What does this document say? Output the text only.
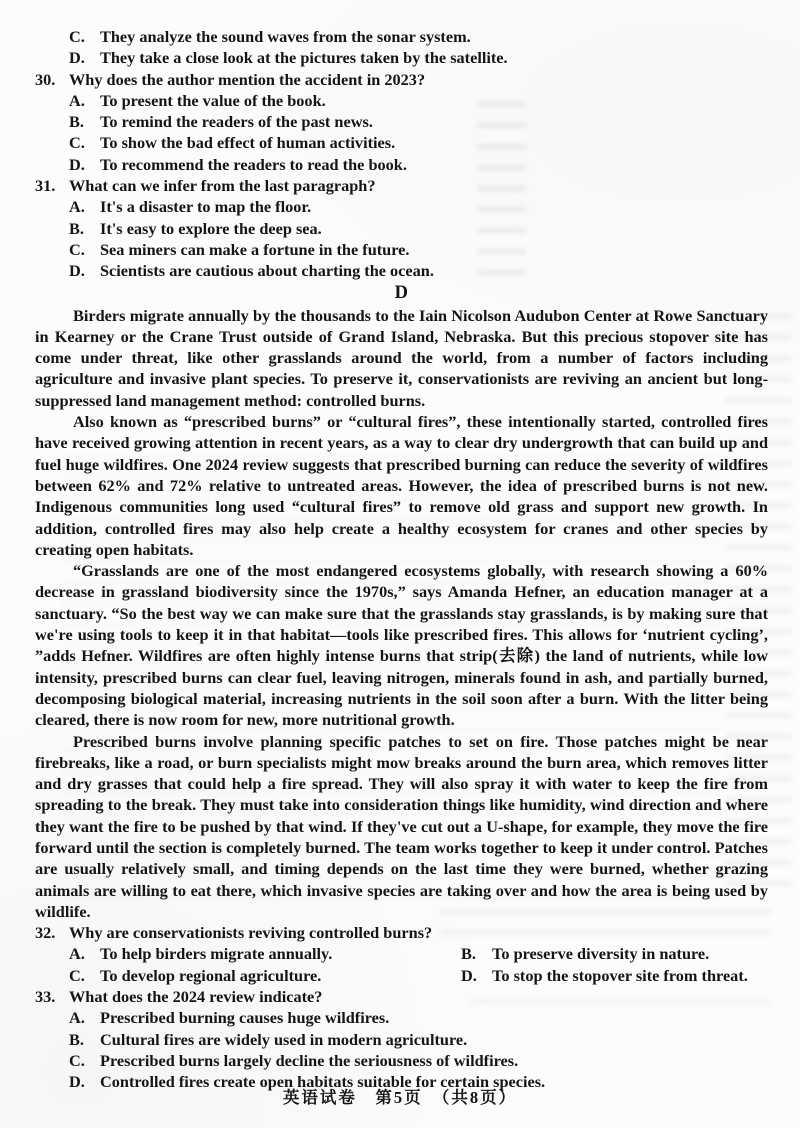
C. They analyze the sound waves from the sonar system.
D. They take a close look at the pictures taken by the satellite.
30. Why does the author mention the accident in 2023?
A. To present the value of the book.
B. To remind the readers of the past news.
C. To show the bad effect of human activities.
D. To recommend the readers to read the book.
31. What can we infer from the last paragraph?
A. It's a disaster to map the floor.
B. It's easy to explore the deep sea.
C. Sea miners can make a fortune in the future.
D. Scientists are cautious about charting the ocean.
D

Birders migrate annually by the thousands to the Iain Nicolson Audubon Center at Rowe Sanctuary in Kearney or the Crane Trust outside of Grand Island, Nebraska. But this precious stopover site has come under threat, like other grasslands around the world, from a number of factors including agriculture and invasive plant species. To preserve it, conservationists are reviving an ancient but long-suppressed land management method: controlled burns.

Also known as “prescribed burns” or “cultural fires”, these intentionally started, controlled fires have received growing attention in recent years, as a way to clear dry undergrowth that can build up and fuel huge wildfires. One 2024 review suggests that prescribed burning can reduce the severity of wildfires between 62% and 72% relative to untreated areas. However, the idea of prescribed burns is not new. Indigenous communities long used “cultural fires” to remove old grass and support new growth. In addition, controlled fires may also help create a healthy ecosystem for cranes and other species by creating open habitats.

“Grasslands are one of the most endangered ecosystems globally, with research showing a 60% decrease in grassland biodiversity since the 1970s,” says Amanda Hefner, an education manager at a sanctuary. “So the best way we can make sure that the grasslands stay grasslands, is by making sure that we're using tools to keep it in that habitat—tools like prescribed fires. This allows for ‘nutrient cycling’, ”adds Hefner. Wildfires are often highly intense burns that strip(去除) the land of nutrients, while low intensity, prescribed burns can clear fuel, leaving nitrogen, minerals found in ash, and partially burned, decomposing biological material, increasing nutrients in the soil soon after a burn. With the litter being cleared, there is now room for new, more nutritional growth.

Prescribed burns involve planning specific patches to set on fire. Those patches might be near firebreaks, like a road, or burn specialists might mow breaks around the burn area, which removes litter and dry grasses that could help a fire spread. They will also spray it with water to keep the fire from spreading to the break. They must take into consideration things like humidity, wind direction and where they want the fire to be pushed by that wind. If they've cut out a U-shape, for example, they move the fire forward until the section is completely burned. The team works together to keep it under control. Patches are usually relatively small, and timing depends on the last time they were burned, whether grazing animals are willing to eat there, which invasive species are taking over and how the area is being used by wildlife.

32. Why are conservationists reviving controlled burns?
A. To help birders migrate annually.	B. To preserve diversity in nature.
C. To develop regional agriculture.	D. To stop the stopover site from threat.
33. What does the 2024 review indicate?
A. Prescribed burning causes huge wildfires.
B. Cultural fires are widely used in modern agriculture.
C. Prescribed burns largely decline the seriousness of wildfires.
D. Controlled fires create open habitats suitable for certain species.
英语试卷　第5页　（共8页）
